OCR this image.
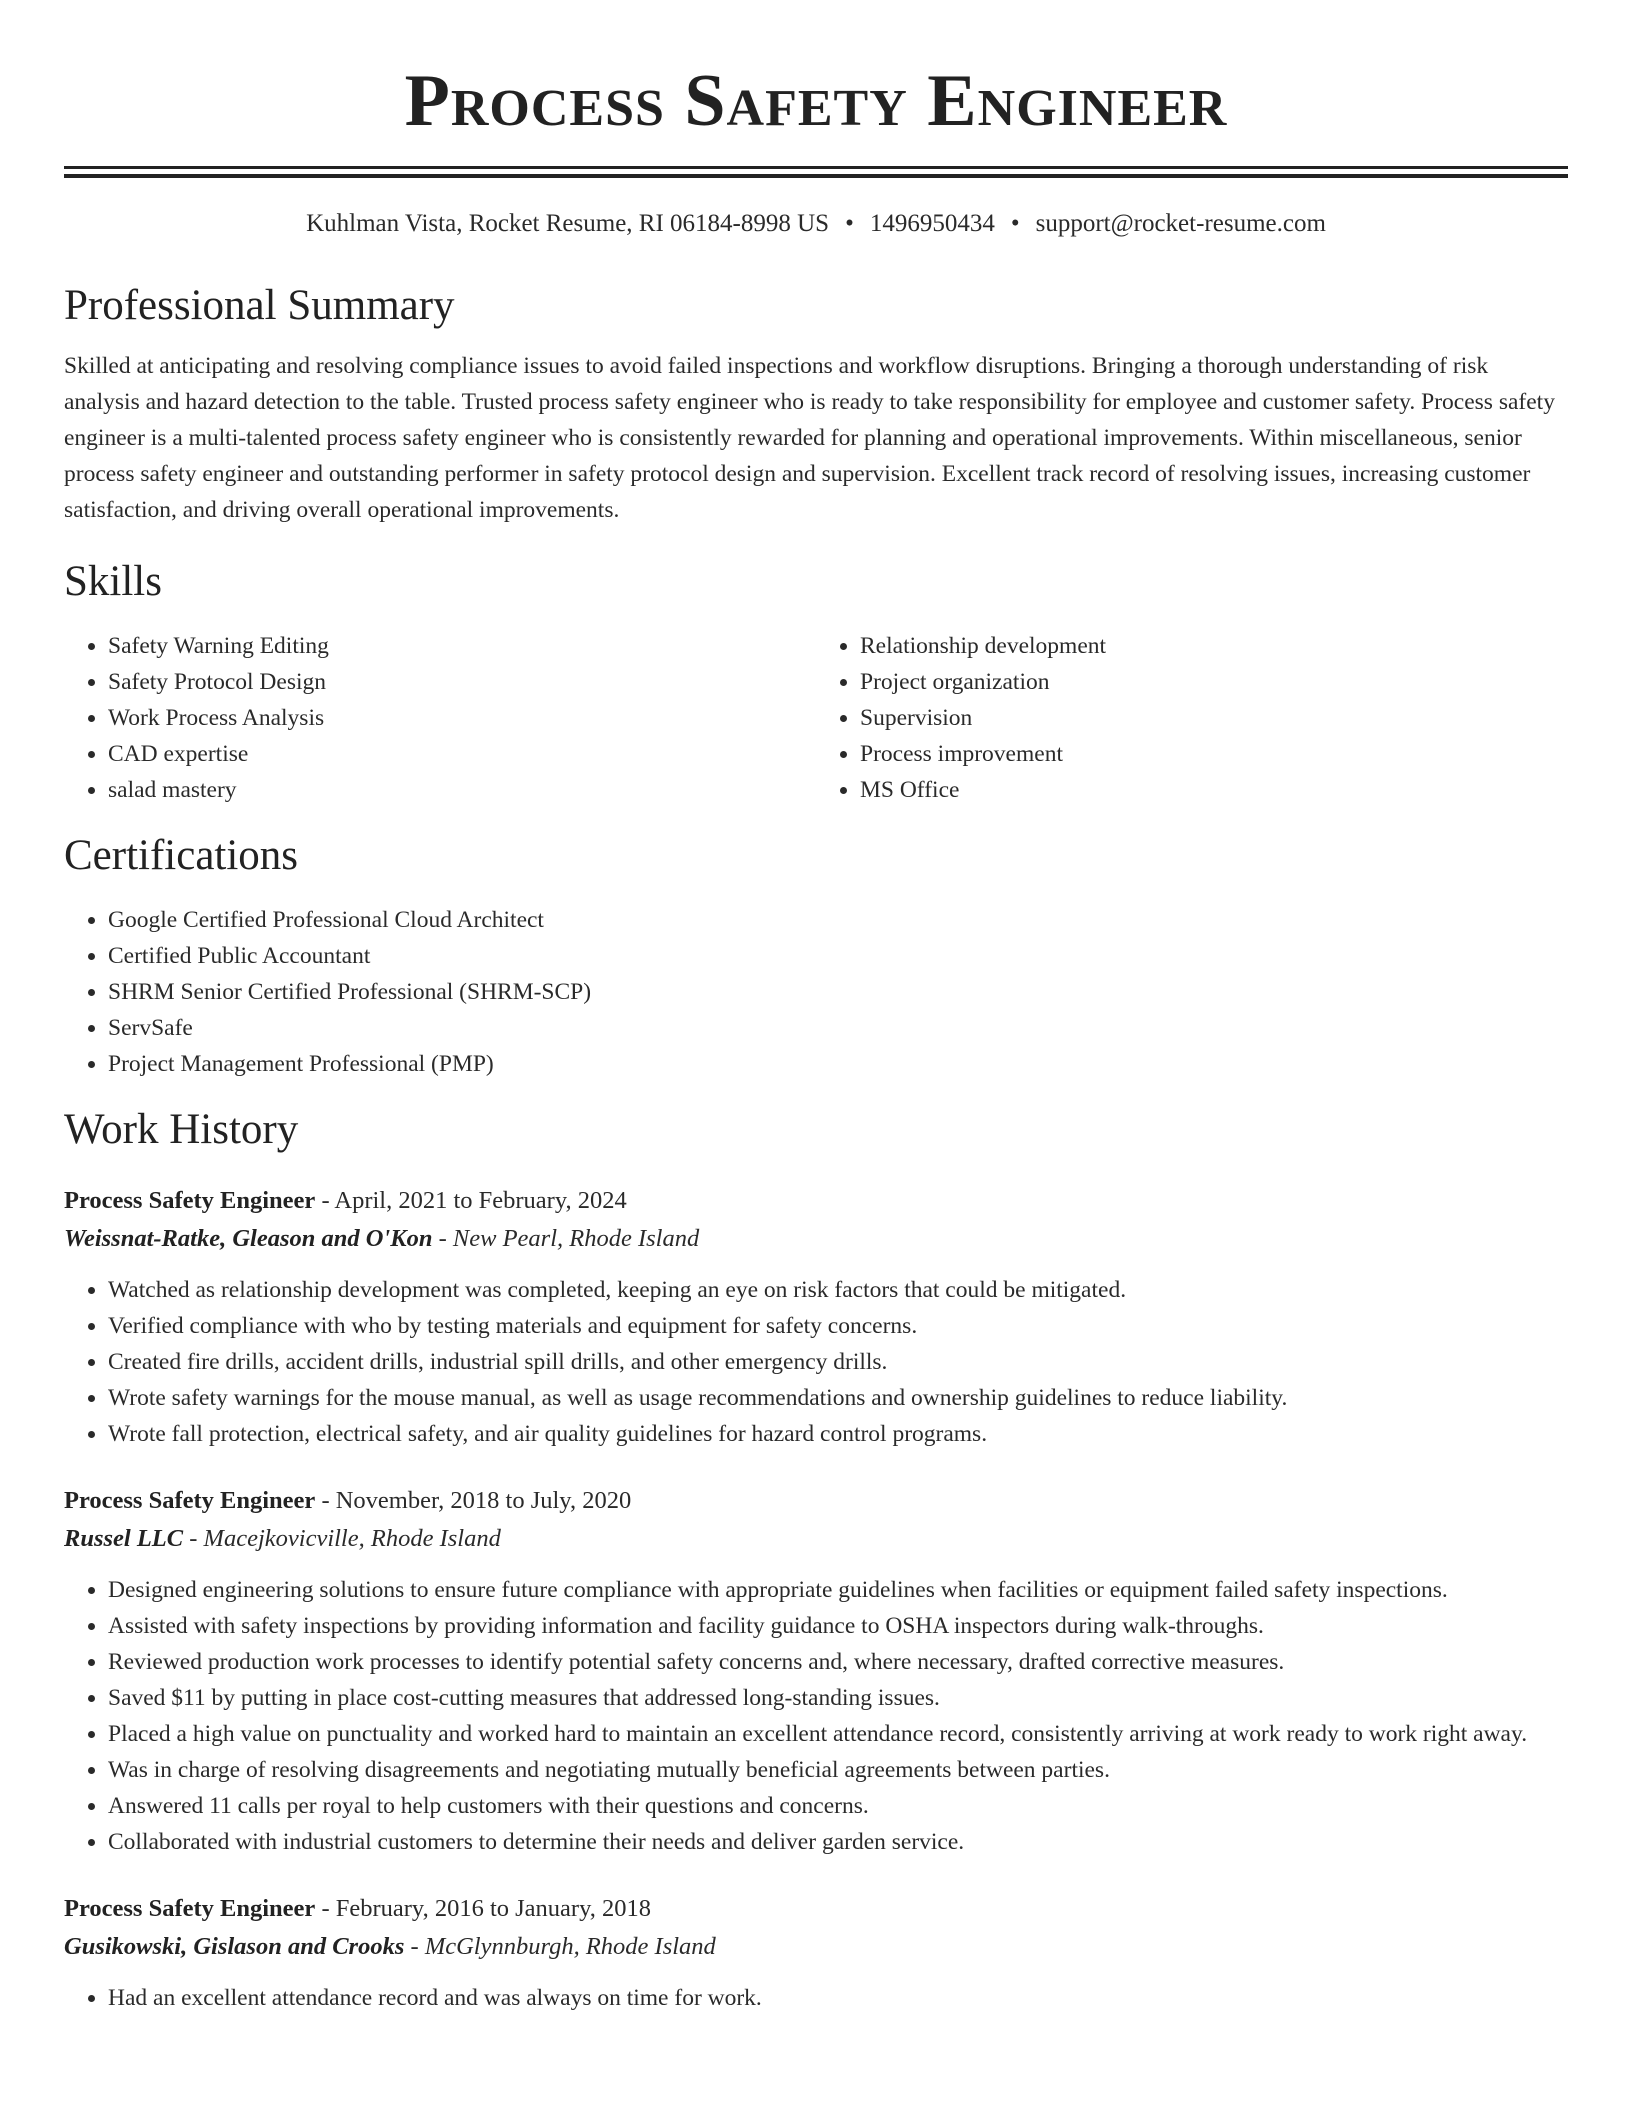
Process Safety Engineer
Kuhlman Vista, Rocket Resume, RI 06184-8998 US • 1496950434 • support@rocket-resume.com
Professional Summary

Skilled at anticipating and resolving compliance issues to avoid failed inspections and workflow disruptions. Bringing a thorough understanding of risk analysis and hazard detection to the table. Trusted process safety engineer who is ready to take responsibility for employee and customer safety. Process safety engineer is a multi-talented process safety engineer who is consistently rewarded for planning and operational improvements. Within miscellaneous, senior process safety engineer and outstanding performer in safety protocol design and supervision. Excellent track record of resolving issues, increasing customer satisfaction, and driving overall operational improvements.

Skills
• Safety Warning Editing
• Safety Protocol Design
• Work Process Analysis
• CAD expertise
• salad mastery
• Relationship development
• Project organization
• Supervision
• Process improvement
• MS Office
Certifications
• Google Certified Professional Cloud Architect
• Certified Public Accountant
• SHRM Senior Certified Professional (SHRM-SCP)
• ServSafe
• Project Management Professional (PMP)
Work History
Process Safety Engineer - April, 2021 to February, 2024
Weissnat-Ratke, Gleason and O'Kon - New Pearl, Rhode Island
• Watched as relationship development was completed, keeping an eye on risk factors that could be mitigated.
• Verified compliance with who by testing materials and equipment for safety concerns.
• Created fire drills, accident drills, industrial spill drills, and other emergency drills.
• Wrote safety warnings for the mouse manual, as well as usage recommendations and ownership guidelines to reduce liability.
• Wrote fall protection, electrical safety, and air quality guidelines for hazard control programs.
Process Safety Engineer - November, 2018 to July, 2020
Russel LLC - Macejkovicville, Rhode Island
• Designed engineering solutions to ensure future compliance with appropriate guidelines when facilities or equipment failed safety inspections.
• Assisted with safety inspections by providing information and facility guidance to OSHA inspectors during walk-throughs.
• Reviewed production work processes to identify potential safety concerns and, where necessary, drafted corrective measures.
• Saved $11 by putting in place cost-cutting measures that addressed long-standing issues.
• Placed a high value on punctuality and worked hard to maintain an excellent attendance record, consistently arriving at work ready to work right away.
• Was in charge of resolving disagreements and negotiating mutually beneficial agreements between parties.
• Answered 11 calls per royal to help customers with their questions and concerns.
• Collaborated with industrial customers to determine their needs and deliver garden service.
Process Safety Engineer - February, 2016 to January, 2018
Gusikowski, Gislason and Crooks - McGlynnburgh, Rhode Island
• Had an excellent attendance record and was always on time for work.
